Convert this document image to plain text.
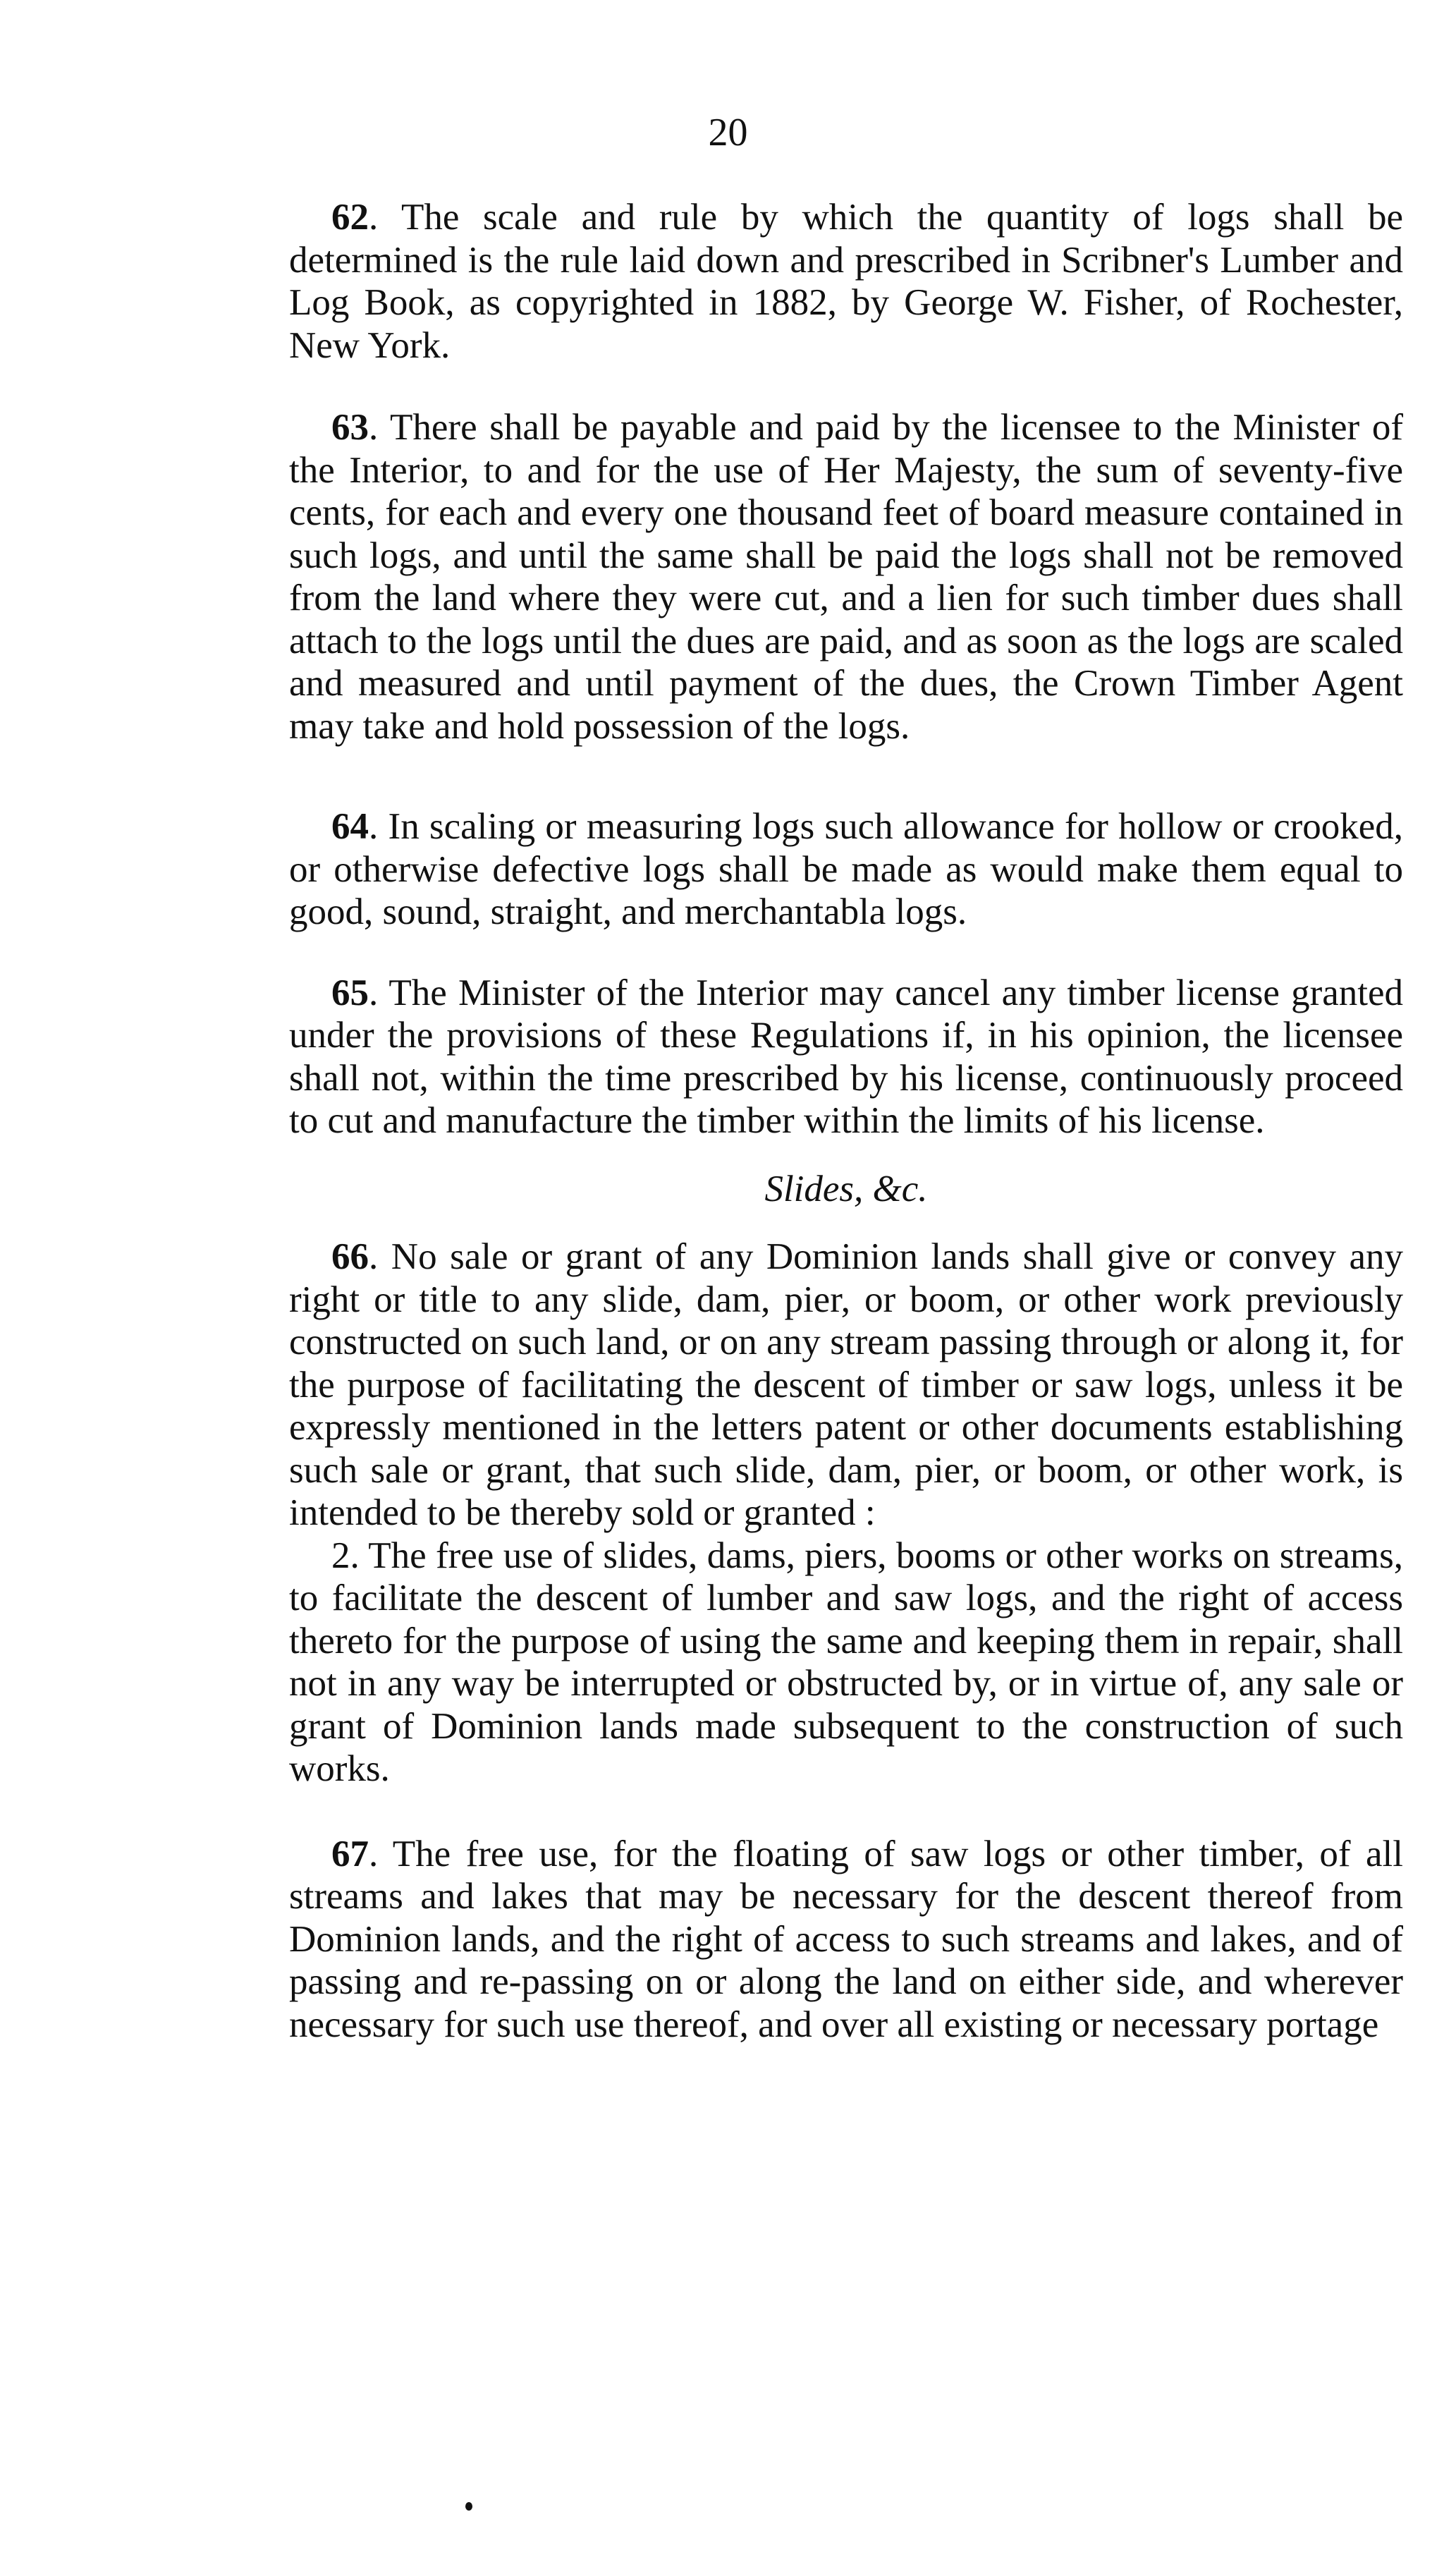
20

62. The scale and rule by which the quantity of logs shall be determined is the rule laid down and prescribed in Scribner's Lumber and Log Book, as copyrighted in 1882, by George W. Fisher, of Rochester, New York.

63. There shall be payable and paid by the licensee to the Minister of the Interior, to and for the use of Her Majesty, the sum of seventy-five cents, for each and every one thousand feet of board measure contained in such logs, and until the same shall be paid the logs shall not be removed from the land where they were cut, and a lien for such timber dues shall attach to the logs until the dues are paid, and as soon as the logs are scaled and measured and until payment of the dues, the Crown Timber Agent may take and hold possession of the logs.

64. In scaling or measuring logs such allowance for hollow or crooked, or otherwise defective logs shall be made as would make them equal to good, sound, straight, and merchantabla logs.

65. The Minister of the Interior may cancel any timber license granted under the provisions of these Regulations if, in his opinion, the licensee shall not, within the time prescribed by his license, continuously proceed to cut and manufacture the timber within the limits of his license.

Slides, &c.

66. No sale or grant of any Dominion lands shall give or convey any right or title to any slide, dam, pier, or boom, or other work previously constructed on such land, or on any stream passing through or along it, for the purpose of facilitating the descent of timber or saw logs, unless it be expressly mentioned in the letters patent or other documents establishing such sale or grant, that such slide, dam, pier, or boom, or other work, is intended to be thereby sold or granted :

2. The free use of slides, dams, piers, booms or other works on streams, to facilitate the descent of lumber and saw logs, and the right of access thereto for the purpose of using the same and keeping them in repair, shall not in any way be interrupted or obstructed by, or in virtue of, any sale or grant of Dominion lands made subsequent to the construction of such works.

67. The free use, for the floating of saw logs or other timber, of all streams and lakes that may be necessary for the descent thereof from Dominion lands, and the right of access to such streams and lakes, and of passing and re-passing on or along the land on either side, and wherever necessary for such use thereof, and over all existing or necessary portage
